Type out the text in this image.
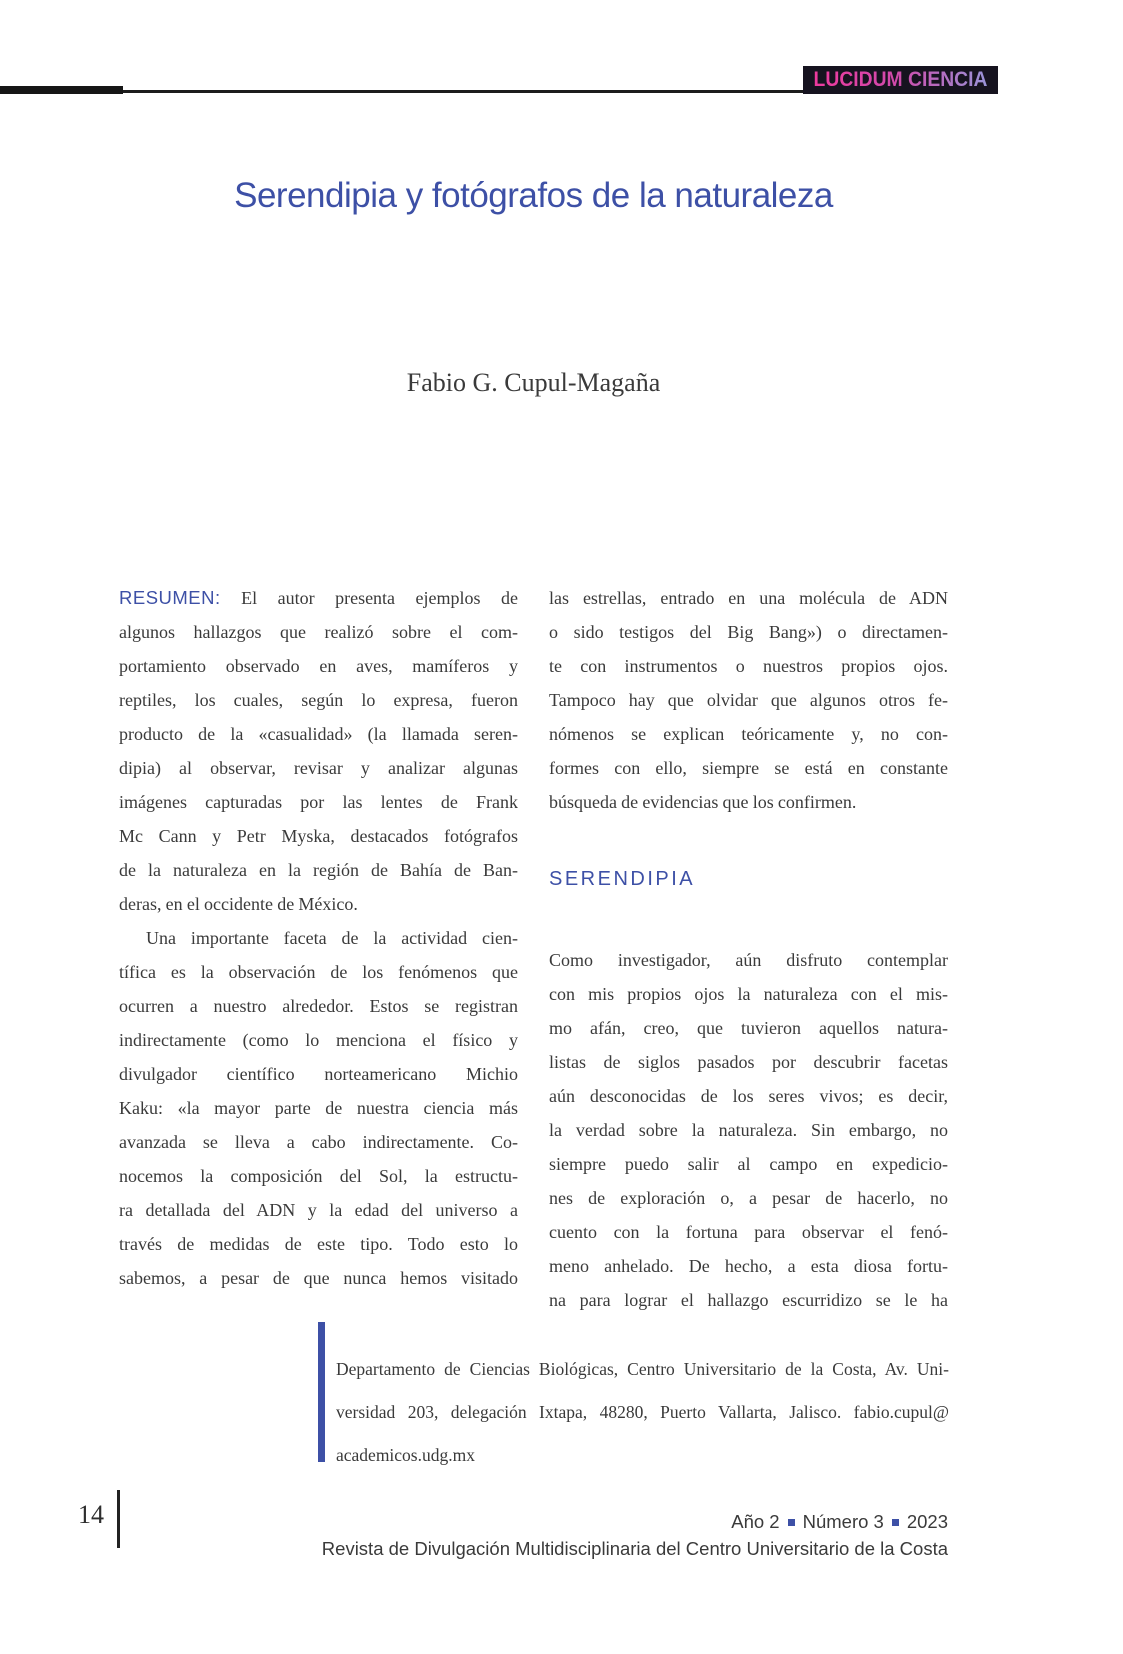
LUCIDUM CIENCIA
Serendipia y fotógrafos de la naturaleza
Fabio G. Cupul-Magaña
RESUMEN: El autor presenta ejemplos de
algunos hallazgos que realizó sobre el com-
portamiento observado en aves, mamíferos y
reptiles, los cuales, según lo expresa, fueron
producto de la «casualidad» (la llamada seren-
dipia) al observar, revisar y analizar algunas
imágenes capturadas por las lentes de Frank
Mc Cann y Petr Myska, destacados fotógrafos
de la naturaleza en la región de Bahía de Ban-
deras, en el occidente de México.
Una importante faceta de la actividad cien-
tífica es la observación de los fenómenos que
ocurren a nuestro alrededor. Estos se registran
indirectamente (como lo menciona el físico y
divulgador científico norteamericano Michio
Kaku: «la mayor parte de nuestra ciencia más
avanzada se lleva a cabo indirectamente. Co-
nocemos la composición del Sol, la estructu-
ra detallada del ADN y la edad del universo a
través de medidas de este tipo. Todo esto lo
sabemos, a pesar de que nunca hemos visitado
las estrellas, entrado en una molécula de ADN
o sido testigos del Big Bang») o directamen-
te con instrumentos o nuestros propios ojos.
Tampoco hay que olvidar que algunos otros fe-
nómenos se explican teóricamente y, no con-
formes con ello, siempre se está en constante
búsqueda de evidencias que los confirmen.
SERENDIPIA
Como investigador, aún disfruto contemplar
con mis propios ojos la naturaleza con el mis-
mo afán, creo, que tuvieron aquellos natura-
listas de siglos pasados por descubrir facetas
aún desconocidas de los seres vivos; es decir,
la verdad sobre la naturaleza. Sin embargo, no
siempre puedo salir al campo en expedicio-
nes de exploración o, a pesar de hacerlo, no
cuento con la fortuna para observar el fenó-
meno anhelado. De hecho, a esta diosa fortu-
na para lograr el hallazgo escurridizo se le ha
Departamento de Ciencias Biológicas, Centro Universitario de la Costa, Av. Uni-
versidad 203, delegación Ixtapa, 48280, Puerto Vallarta, Jalisco. fabio.cupul@
academicos.udg.mx
14	Año 2 Número 3 2023
Revista de Divulgación Multidisciplinaria del Centro Universitario de la Costa
